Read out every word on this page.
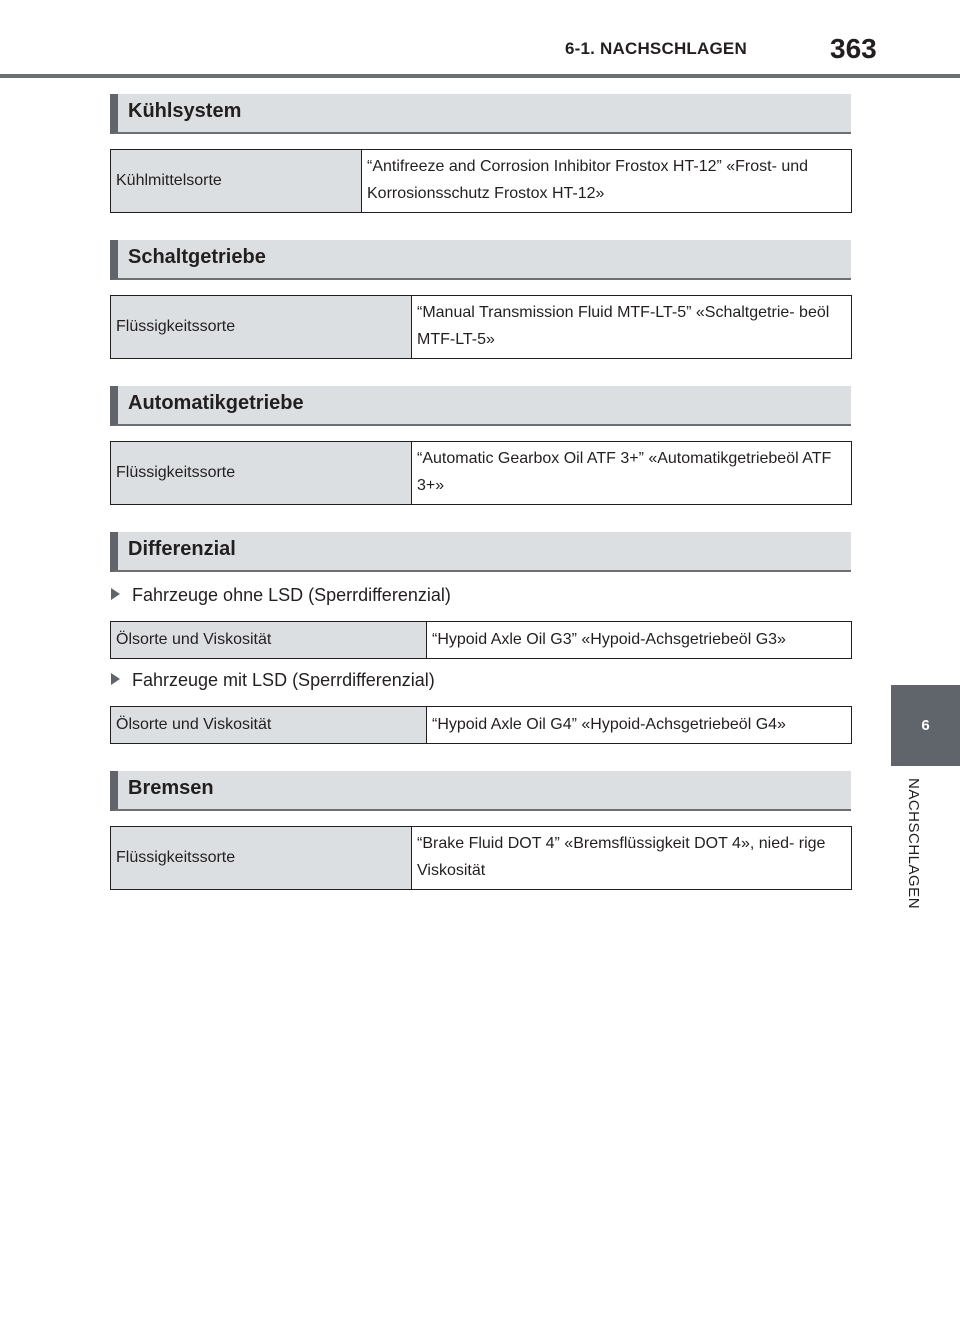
6-1. NACHSCHLAGEN	363
6
NACHSCHLAGEN
Kühlsystem
Kühlmittelsorte	“Antifreeze and Corrosion Inhibitor Frostox HT-12” «Frost- und Korrosionsschutz Frostox HT-12»
Schaltgetriebe
Flüssigkeitssorte	“Manual Transmission Fluid MTF-LT-5” «Schaltgetrie- beöl MTF-LT-5»
Automatikgetriebe
Flüssigkeitssorte	“Automatic Gearbox Oil ATF 3+” «Automatikgetriebeöl ATF 3+»
Differenzial
Fahrzeuge ohne LSD (Sperrdifferenzial)
Ölsorte und Viskosität	“Hypoid Axle Oil G3” «Hypoid-Achsgetriebeöl G3»
Fahrzeuge mit LSD (Sperrdifferenzial)
Ölsorte und Viskosität	“Hypoid Axle Oil G4” «Hypoid-Achsgetriebeöl G4»
Bremsen
Flüssigkeitssorte	“Brake Fluid DOT 4” «Bremsflüssigkeit DOT 4», nied- rige Viskosität
